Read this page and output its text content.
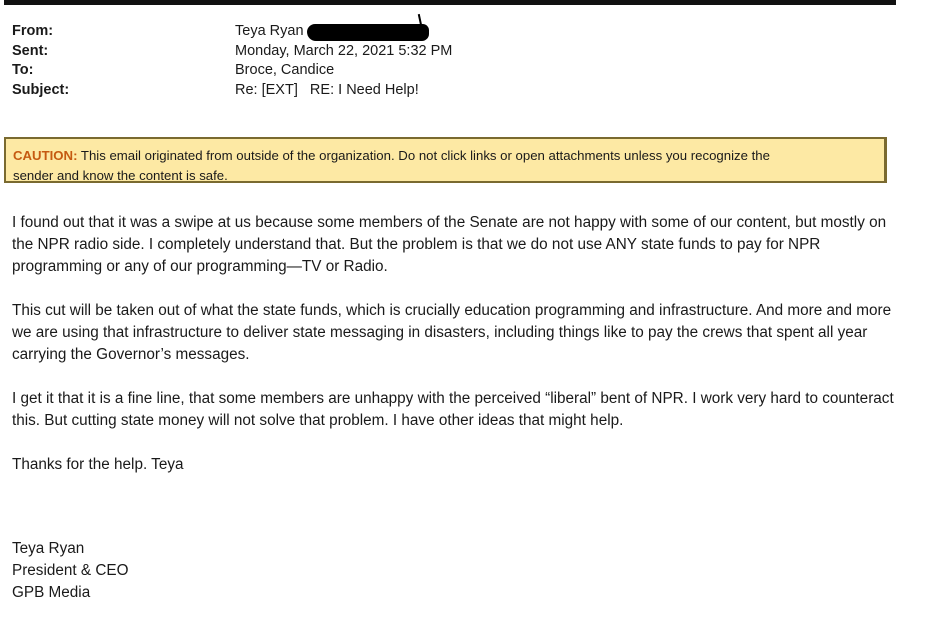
From:	Teya Ryan
Sent:	Monday, March 22, 2021 5:32 PM
To:	Broce, Candice
Subject:	Re: [EXT]   RE: I Need Help!
CAUTION: This email originated from outside of the organization. Do not click links or open attachments unless you recognize the
sender and know the content is safe.

I found out that it was a swipe at us because some members of the Senate are not happy with some of our content, but mostly on the NPR radio side. I completely understand that. But the problem is that we do not use ANY state funds to pay for NPR programming or any of our programming—TV or Radio.

This cut will be taken out of what the state funds, which is crucially education programming and infrastructure. And more and more we are using that infrastructure to deliver state messaging in disasters, including things like to pay the crews that spent all year carrying the Governor’s messages.

I get it that it is a fine line, that some members are unhappy with the perceived “liberal” bent of NPR. I work very hard to counteract this. But cutting state money will not solve that problem. I have other ideas that might help.

Thanks for the help. Teya

Teya Ryan
President & CEO
GPB Media
